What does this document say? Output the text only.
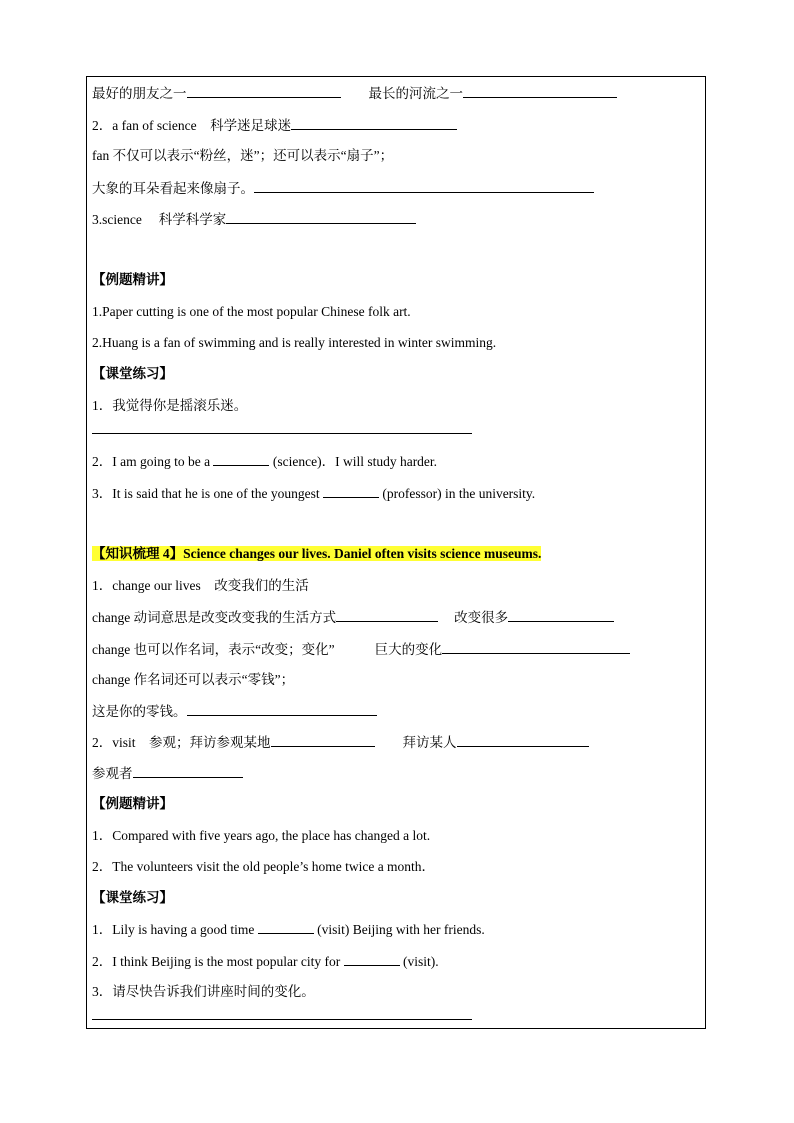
最好的朋友之一	最长的河流之一
2．a fan of science　科学迷足球迷
fan 不仅可以表示“粉丝，迷”；还可以表示“扇子”；
大象的耳朵看起来像扇子。
3.science　 科学科学家
【例题精讲】
1.Paper cutting is one of the most popular Chinese folk art.
2.Huang is a fan of swimming and is really interested in winter swimming.
【课堂练习】
1．我觉得你是摇滚乐迷。
2．I am going to be a	(science)．I will study harder.
3．It is said that he is one of the youngest	(professor) in the university.
【知识梳理 4】Science changes our lives. Daniel often visits science museums.
1．change our lives　改变我们的生活
change 动词意思是改变改变我的生活方式	改变很多
change 也可以作名词，表示“改变；变化”	巨大的变化
change 作名词还可以表示“零钱”；
这是你的零钱。
2．visit　参观；拜访参观某地	拜访某人
参观者
【例题精讲】
1．Compared with five years ago, the place has changed a lot.
2．The volunteers visit the old people’s home twice a month．
【课堂练习】
1．Lily is having a good time	(visit) Beijing with her friends.
2．I think Beijing is the most popular city for	(visit).
3．请尽快告诉我们讲座时间的变化。
